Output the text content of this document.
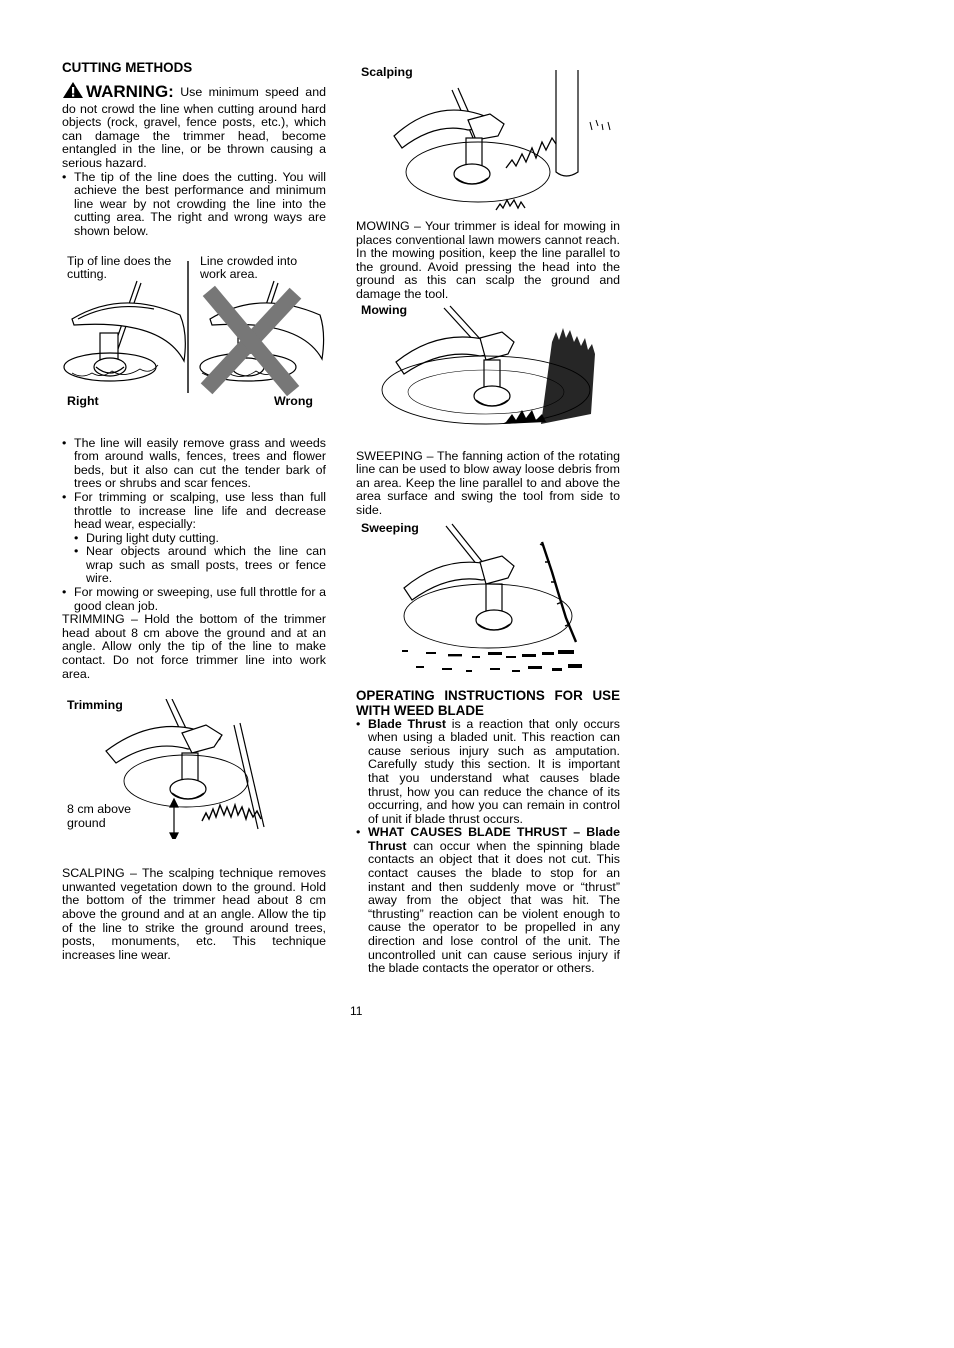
CUTTING METHODS

WARNING: Use minimum speed and do not crowd the line when cutting around hard objects (rock, gravel, fence posts, etc.), which can damage the trimmer head, become entangled in the line, or be thrown causing a serious hazard.

• The tip of the line does the cutting. You will achieve the best performance and minimum line wear by not crowding the line into the cutting area. The right and wrong ways are shown below.
Tip of line does the cutting.
Line crowded into work area.
Right	Wrong
• The line will easily remove grass and weeds from around walls, fences, trees and flower beds, but it also can cut the tender bark of trees or shrubs and scar fences.
• For trimming or scalping, use less than full throttle to increase line life and decrease head wear, especially:
• During light duty cutting.
• Near objects around which the line can wrap such as small posts, trees or fence wire.
• For mowing or sweeping, use full throttle for a good clean job.

TRIMMING – Hold the bottom of the trimmer head about 8 cm above the ground and at an angle. Allow only the tip of the line to make contact. Do not force trimmer line into work area.

Trimming
8 cm above ground

SCALPING – The scalping technique removes unwanted vegetation down to the ground. Hold the bottom of the trimmer head about 8 cm above the ground and at an angle. Allow the tip of the line to strike the ground around trees, posts, monuments, etc. This technique increases line wear.

Scalping

MOWING – Your trimmer is ideal for mowing in places conventional lawn mowers cannot reach. In the mowing position, keep the line parallel to the ground. Avoid pressing the head into the ground as this can scalp the ground and damage the tool.

Mowing

SWEEPING – The fanning action of the rotating line can be used to blow away loose debris from an area. Keep the line parallel to and above the area surface and swing the tool from side to side.

Sweeping
OPERATING INSTRUCTIONS FOR USE WITH WEED BLADE
• Blade Thrust is a reaction that only occurs when using a bladed unit. This reaction can cause serious injury such as amputation. Carefully study this section. It is important that you understand what causes blade thrust, how you can reduce the chance of its occurring, and how you can remain in control of unit if blade thrust occurs.
• WHAT CAUSES BLADE THRUST – Blade Thrust can occur when the spinning blade contacts an object that it does not cut. This contact causes the blade to stop for an instant and then suddenly move or “thrust” away from the object that was hit. The “thrusting” reaction can be violent enough to cause the operator to be propelled in any direction and lose control of the unit. The uncontrolled unit can cause serious injury if the blade contacts the operator or others.
11
